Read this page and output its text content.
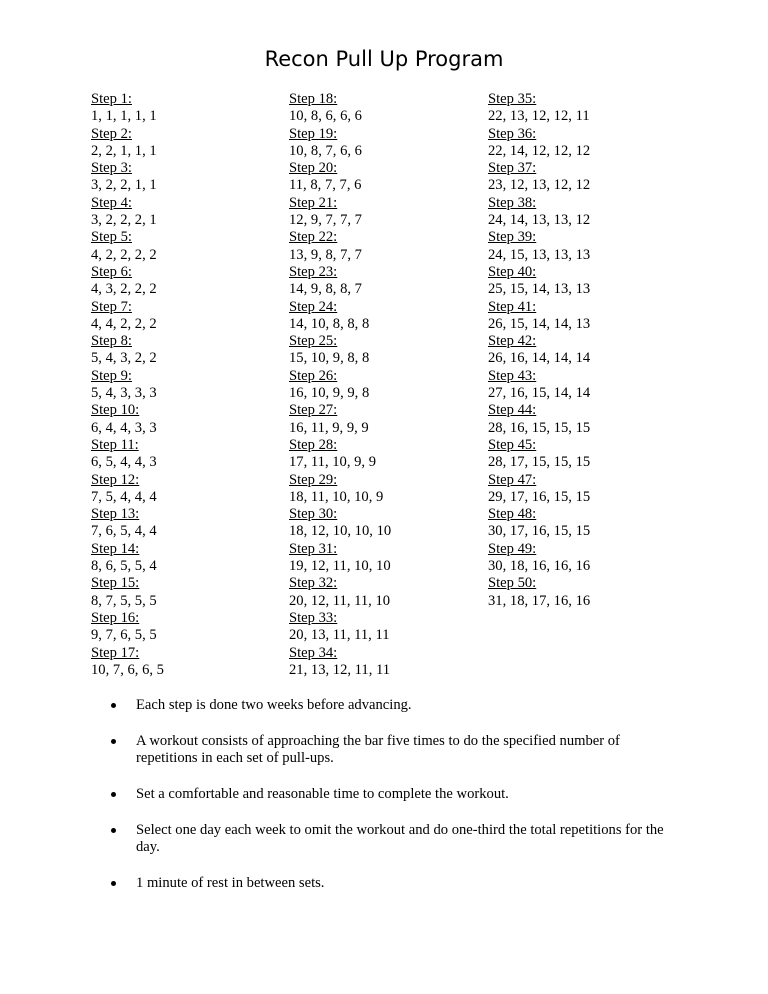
Recon Pull Up Program
Step 1:
1, 1, 1, 1, 1
Step 2:
2, 2, 1, 1, 1
Step 3:
3, 2, 2, 1, 1
Step 4:
3, 2, 2, 2, 1
Step 5:
4, 2, 2, 2, 2
Step 6:
4, 3, 2, 2, 2
Step 7:
4, 4, 2, 2, 2
Step 8:
5, 4, 3, 2, 2
Step 9:
5, 4, 3, 3, 3
Step 10:
6, 4, 4, 3, 3
Step 11:
6, 5, 4, 4, 3
Step 12:
7, 5, 4, 4, 4
Step 13:
7, 6, 5, 4, 4
Step 14:
8, 6, 5, 5, 4
Step 15:
8, 7, 5, 5, 5
Step 16:
9, 7, 6, 5, 5
Step 17:
10, 7, 6, 6, 5
Step 18:
10, 8, 6, 6, 6
Step 19:
10, 8, 7, 6, 6
Step 20:
11, 8, 7, 7, 6
Step 21:
12, 9, 7, 7, 7
Step 22:
13, 9, 8, 7, 7
Step 23:
14, 9, 8, 8, 7
Step 24:
14, 10, 8, 8, 8
Step 25:
15, 10, 9, 8, 8
Step 26:
16, 10, 9, 9, 8
Step 27:
16, 11, 9, 9, 9
Step 28:
17, 11, 10, 9, 9
Step 29:
18, 11, 10, 10, 9
Step 30:
18, 12, 10, 10, 10
Step 31:
19, 12, 11, 10, 10
Step 32:
20, 12, 11, 11, 10
Step 33:
20, 13, 11, 11, 11
Step 34:
21, 13, 12, 11, 11
Step 35:
22, 13, 12, 12, 11
Step 36:
22, 14, 12, 12, 12
Step 37:
23, 12, 13, 12, 12
Step 38:
24, 14, 13, 13, 12
Step 39:
24, 15, 13, 13, 13
Step 40:
25, 15, 14, 13, 13
Step 41:
26, 15, 14, 14, 13
Step 42:
26, 16, 14, 14, 14
Step 43:
27, 16, 15, 14, 14
Step 44:
28, 16, 15, 15, 15
Step 45:
28, 17, 15, 15, 15
Step 47:
29, 17, 16, 15, 15
Step 48:
30, 17, 16, 15, 15
Step 49:
30, 18, 16, 16, 16
Step 50:
31, 18, 17, 16, 16
Each step is done two weeks before advancing.
A workout consists of approaching the bar five times to do the specified number of repetitions in each set of pull-ups.
Set a comfortable and reasonable time to complete the workout.
Select one day each week to omit the workout and do one-third the total repetitions for the day.
1 minute of rest in between sets.
